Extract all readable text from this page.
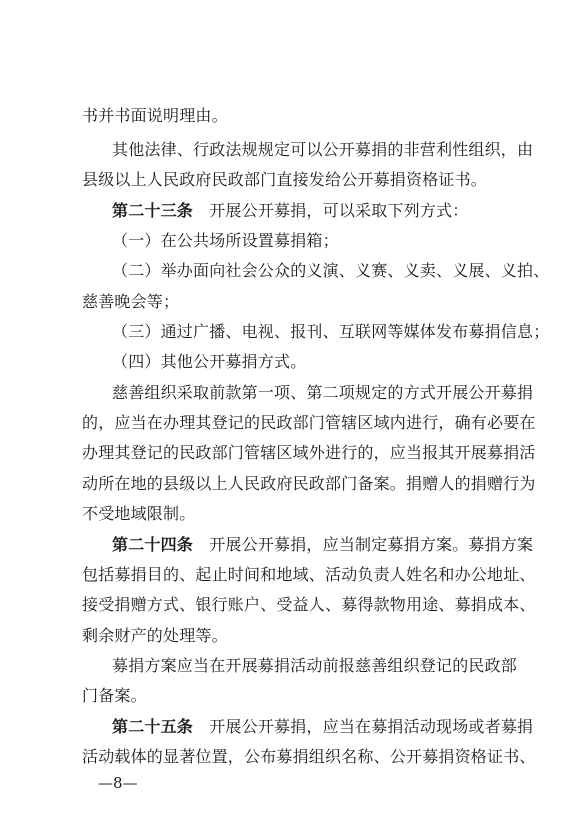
书并书面说明理由。
其他法律、行政法规规定可以公开募捐的非营利性组织，由
县级以上人民政府民政部门直接发给公开募捐资格证书。
第二十三条　 开展公开募捐，可以采取下列方式：
（一）在公共场所设置募捐箱；
（二）举办面向社会公众的义演、义赛、义卖、义展、义拍、
慈善晚会等；
（三）通过广播、电视、报刊、互联网等媒体发布募捐信息；
（四）其他公开募捐方式。
慈善组织采取前款第一项、第二项规定的方式开展公开募捐
的，应当在办理其登记的民政部门管辖区域内进行，确有必要在
办理其登记的民政部门管辖区域外进行的，应当报其开展募捐活
动所在地的县级以上人民政府民政部门备案。捐赠人的捐赠行为
不受地域限制。
第二十四条　 开展公开募捐，应当制定募捐方案。募捐方案
包括募捐目的、起止时间和地域、活动负责人姓名和办公地址、
接受捐赠方式、银行账户、受益人、募得款物用途、募捐成本、
剩余财产的处理等。
募捐方案应当在开展募捐活动前报慈善组织登记的民政部
门备案。
第二十五条　 开展公开募捐，应当在募捐活动现场或者募捐
活动载体的显著位置，公布募捐组织名称、公开募捐资格证书、
—8—
